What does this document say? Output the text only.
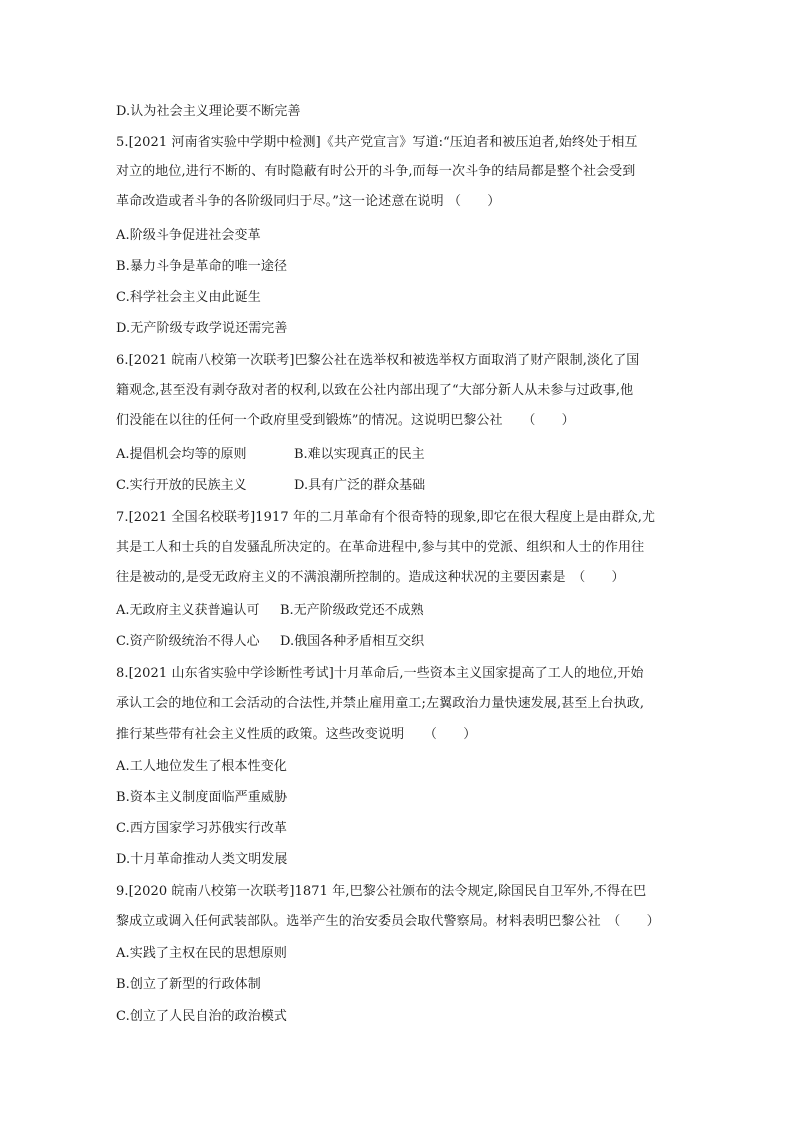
D.认为社会主义理论要不断完善
5.[2021 河南省实验中学期中检测]《共产党宣言》写道:“压迫者和被压迫者,始终处于相互
对立的地位,进行不断的、有时隐蔽有时公开的斗争,而每一次斗争的结局都是整个社会受到
革命改造或者斗争的各阶级同归于尽。”这一论述意在说明 （　　）
A.阶级斗争促进社会变革
B.暴力斗争是革命的唯一途径
C.科学社会主义由此诞生
D.无产阶级专政学说还需完善
6.[2021 皖南八校第一次联考]巴黎公社在选举权和被选举权方面取消了财产限制,淡化了国
籍观念,甚至没有剥夺敌对者的权利,以致在公社内部出现了“大部分新人从未参与过政事,他
们没能在以往的任何一个政府里受到锻炼”的情况。这说明巴黎公社　　（　　）
A.提倡机会均等的原则	B.难以实现真正的民主
C.实行开放的民族主义	D.具有广泛的群众基础
7.[2021 全国名校联考]1917 年的二月革命有个很奇特的现象,即它在很大程度上是由群众,尤
其是工人和士兵的自发骚乱所决定的。在革命进程中,参与其中的党派、组织和人士的作用往
往是被动的,是受无政府主义的不满浪潮所控制的。造成这种状况的主要因素是　（　　）
A.无政府主义获普遍认可 B.无产阶级政党还不成熟
C.资产阶级统治不得人心 D.俄国各种矛盾相互交织
8.[2021 山东省实验中学诊断性考试]十月革命后,一些资本主义国家提高了工人的地位,开始
承认工会的地位和工会活动的合法性,并禁止雇用童工;左翼政治力量快速发展,甚至上台执政,
推行某些带有社会主义性质的政策。这些改变说明　　（　　）
A.工人地位发生了根本性变化
B.资本主义制度面临严重威胁
C.西方国家学习苏俄实行改革
D.十月革命推动人类文明发展
9.[2020 皖南八校第一次联考]1871 年,巴黎公社颁布的法令规定,除国民自卫军外,不得在巴
黎成立或调入任何武装部队。选举产生的治安委员会取代警察局。材料表明巴黎公社　（　　）
A.实践了主权在民的思想原则
B.创立了新型的行政体制
C.创立了人民自治的政治模式
